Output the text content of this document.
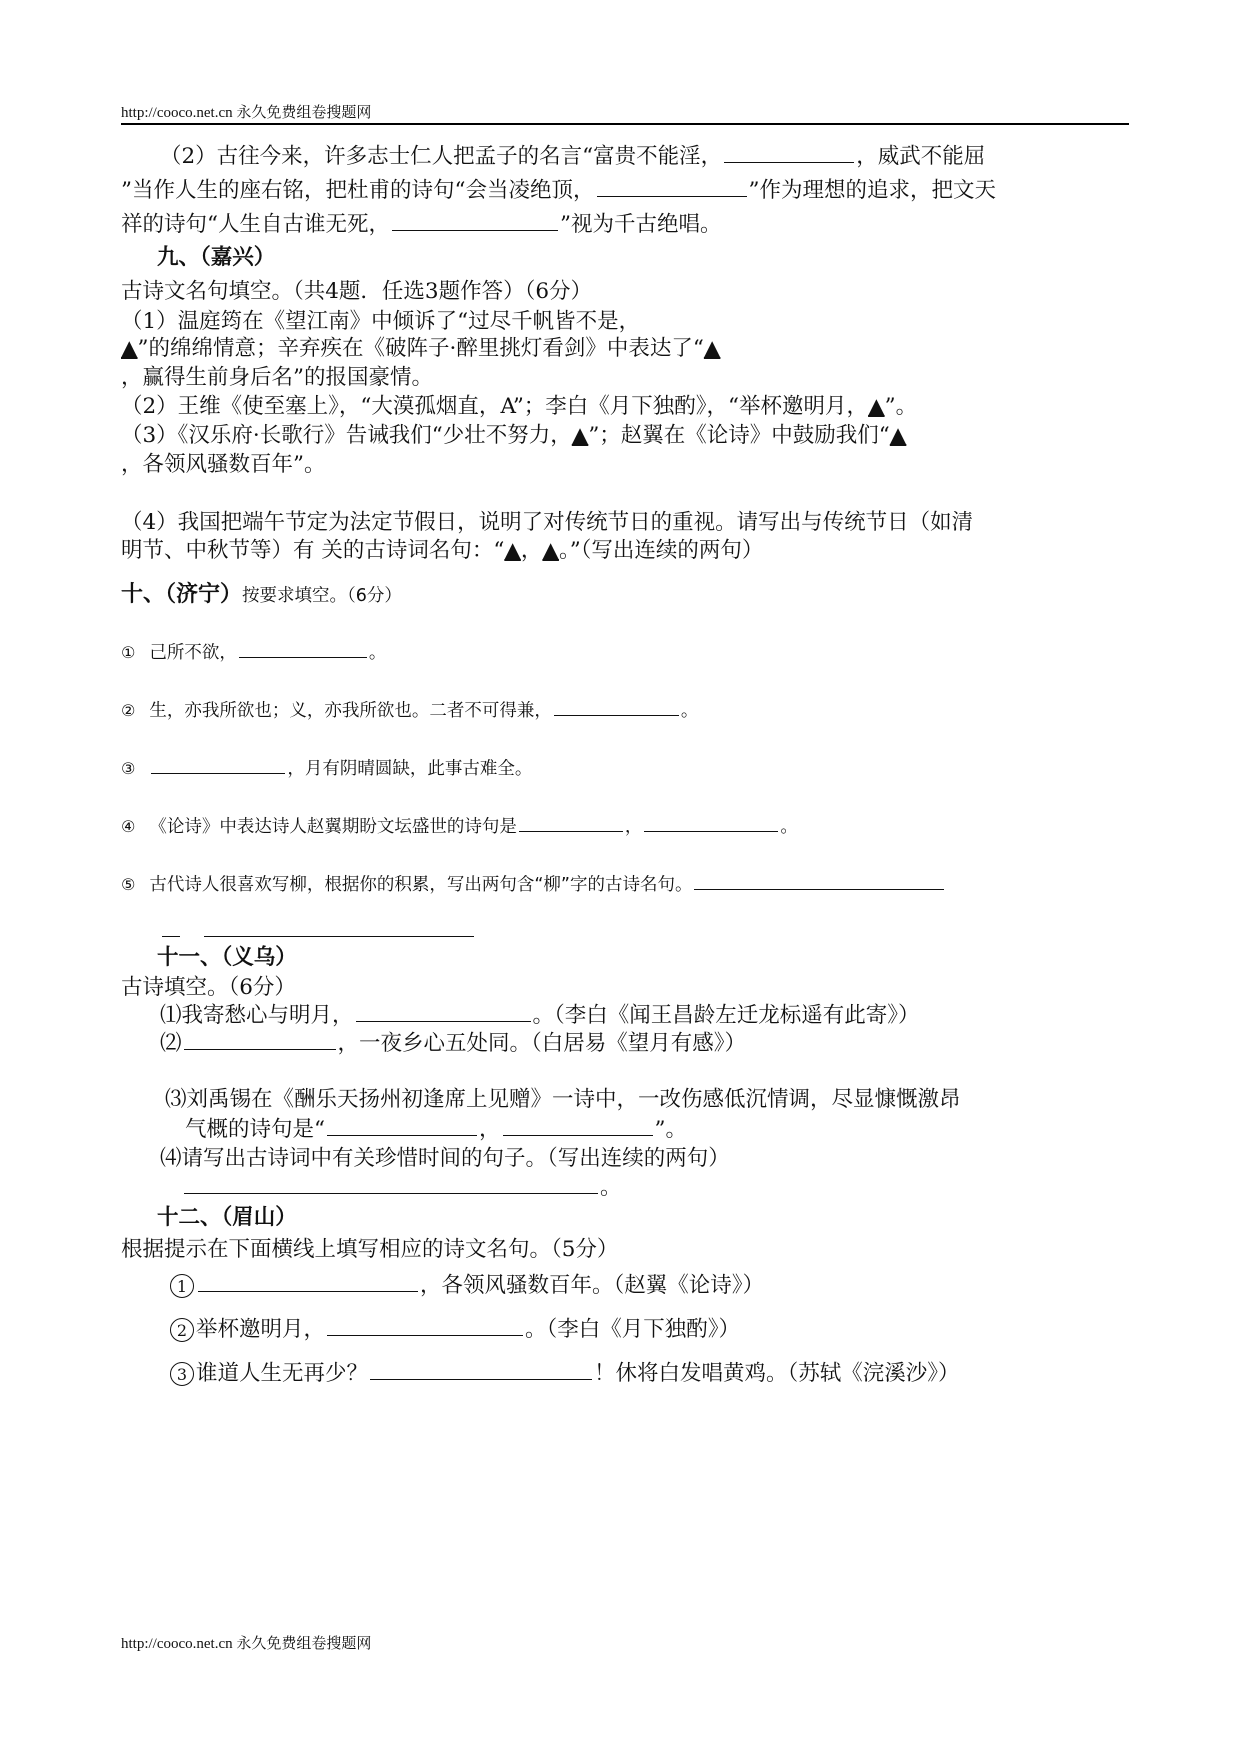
http://cooco.net.cn 永久免费组卷搜题网
（2）古往今来，许多志士仁人把孟子的名言“富贵不能淫，	，威武不能屈
”当作人生的座右铭，把杜甫的诗句“会当凌绝顶，	”作为理想的追求，把文天
祥的诗句“人生自古谁无死，	”视为千古绝唱。
九、（嘉兴）
古诗文名句填空。（共4题．任选3题作答）（6分）
（1）温庭筠在《望江南》中倾诉了“过尽千帆皆不是，
▲”的绵绵情意；辛弃疾在《破阵子·醉里挑灯看剑》中表达了“▲
，赢得生前身后名”的报国豪情。
（2）王维《使至塞上》，“大漠孤烟直，A”；李白《月下独酌》，“举杯邀明月，▲”。
（3）《汉乐府·长歌行》告诫我们“少壮不努力，▲”；赵翼在《论诗》中鼓励我们“▲
，各领风骚数百年”。
（4）我国把端午节定为法定节假日，说明了对传统节日的重视。请写出与传统节日（如清
明节、中秋节等）有 关的古诗词名句：“▲，▲。”（写出连续的两句）
十、（济宁）按要求填空。（6分）
① 己所不欲，	。
② 生，亦我所欲也；义，亦我所欲也。二者不可得兼，	。
③	，月有阴晴圆缺，此事古难全。
④ 《论诗》中表达诗人赵翼期盼文坛盛世的诗句是	，	。
⑤ 古代诗人很喜欢写柳，根据你的积累，写出两句含“柳”字的古诗名句。
十一、（义乌）
古诗填空。（6分）
⑴我寄愁心与明月，	。（李白《闻王昌龄左迁龙标遥有此寄》）
⑵	，一夜乡心五处同。（白居易《望月有感》）
⑶刘禹锡在《酬乐天扬州初逢席上见赠》一诗中，一改伤感低沉情调，尽显慷慨激昂
气概的诗句是“	，	”。
⑷请写出古诗词中有关珍惜时间的句子。（写出连续的两句）
。
十二、（眉山）
根据提示在下面横线上填写相应的诗文名句。（5分）
1	，各领风骚数百年。（赵翼《论诗》）
2 举杯邀明月，	。（李白《月下独酌》）
3 谁道人生无再少？	！休将白发唱黄鸡。（苏轼《浣溪沙》）
http://cooco.net.cn 永久免费组卷搜题网
